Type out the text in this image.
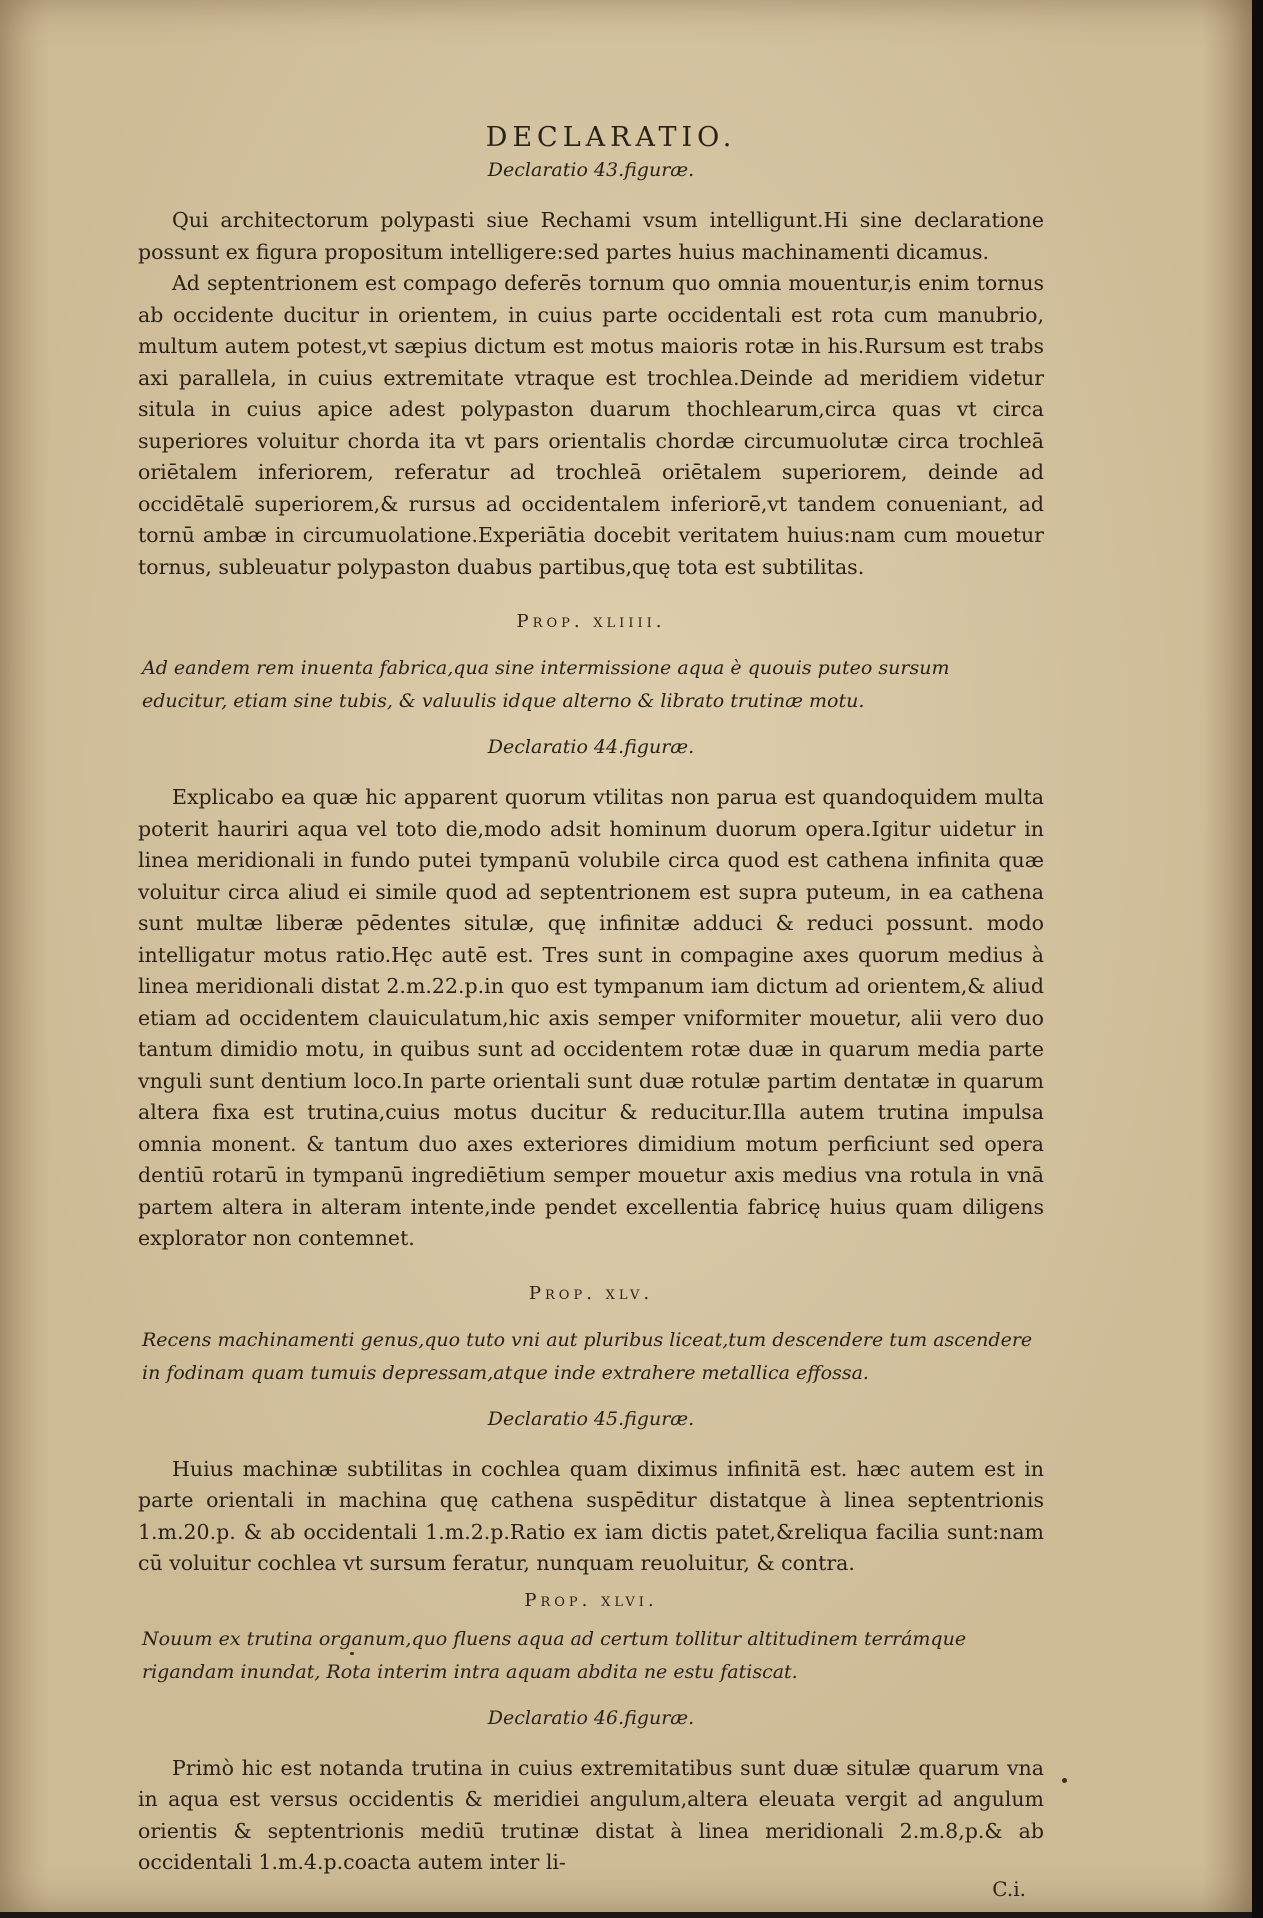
DECLARATIO.
Declaratio 43.figuræ.

Qui architectorum polypasti siue Rechami vsum intelligunt.Hi sine declaratione possunt ex figura propositum intelligere:sed partes huius machinamenti dicamus.

Ad septentrionem est compago deferēs tornum quo omnia mouentur,is enim tornus ab occidente ducitur in orientem, in cuius parte occidentali est rota cum manubrio, multum autem potest,vt sæpius dictum est motus maioris rotæ in his.Rursum est trabs axi parallela, in cuius extremitate vtraque est trochlea.Deinde ad meridiem videtur situla in cuius apice adest polypaston duarum thochlearum,circa quas vt circa superiores voluitur chorda ita vt pars orientalis chordæ circumuolutæ circa trochleā oriētalem inferiorem, referatur ad trochleā oriētalem superiorem, deinde ad occidētalē superiorem,& rursus ad occidentalem inferiorē,vt tandem conueniant, ad tornū ambæ in circumuolatione.Experiātia docebit veritatem huius:nam cum mouetur tornus, subleuatur polypaston duabus partibus,quę tota est subtilitas.

Prop. xliiii.

Ad eandem rem inuenta fabrica,qua sine intermissione aqua è quouis puteo sursum educitur, etiam sine tubis, & valuulis idque alterno & librato trutinæ motu.

Declaratio 44.figuræ.

Explicabo ea quæ hic apparent quorum vtilitas non parua est quandoquidem multa poterit hauriri aqua vel toto die,modo adsit hominum duorum opera.Igitur uidetur in linea meridionali in fundo putei tympanū volubile circa quod est cathena infinita quæ voluitur circa aliud ei simile quod ad septentrionem est supra puteum, in ea cathena sunt multæ liberæ pēdentes situlæ, quę infinitæ adduci & reduci possunt. modo intelligatur motus ratio.Hęc autē est. Tres sunt in compagine axes quorum medius à linea meridionali distat 2.m.22.p.in quo est tympanum iam dictum ad orientem,& aliud etiam ad occidentem clauiculatum,hic axis semper vniformiter mouetur, alii vero duo tantum dimidio motu, in quibus sunt ad occidentem rotæ duæ in quarum media parte vnguli sunt dentium loco.In parte orientali sunt duæ rotulæ partim dentatæ in quarum altera fixa est trutina,cuius motus ducitur & reducitur.Illa autem trutina impulsa omnia monent. & tantum duo axes exteriores dimidium motum perficiunt sed opera dentiū rotarū in tympanū ingrediētium semper mouetur axis medius vna rotula in vnā partem altera in alteram intente,inde pendet excellentia fabricę huius quam diligens explorator non contemnet.

Prop. xlv.

Recens machinamenti genus,quo tuto vni aut pluribus liceat,tum descendere tum ascendere in fodinam quam tumuis depressam,atque inde extrahere metallica effossa.

Declaratio 45.figuræ.

Huius machinæ subtilitas in cochlea quam diximus infinitā est. hæc autem est in parte orientali in machina quę cathena suspēditur distatque à linea septentrionis 1.m.20.p. & ab occidentali 1.m.2.p.Ratio ex iam dictis patet,&reliqua facilia sunt:nam cū voluitur cochlea vt sursum feratur, nunquam reuoluitur, & contra.

Prop. xlvi.

Nouum ex trutina organum,quo fluens aqua ad certum tollitur altitudinem terrámque rigandam inundat, Rota interim intra aquam abdita ne estu fatiscat.

Declaratio 46.figuræ.

Primò hic est notanda trutina in cuius extremitatibus sunt duæ situlæ quarum vna in aqua est versus occidentis & meridiei angulum,altera eleuata vergit ad angulum orientis & septentrionis mediū trutinæ distat à linea meridionali 2.m.8,p.& ab occidentali 1.m.4.p.coacta autem inter li-

C.i.
